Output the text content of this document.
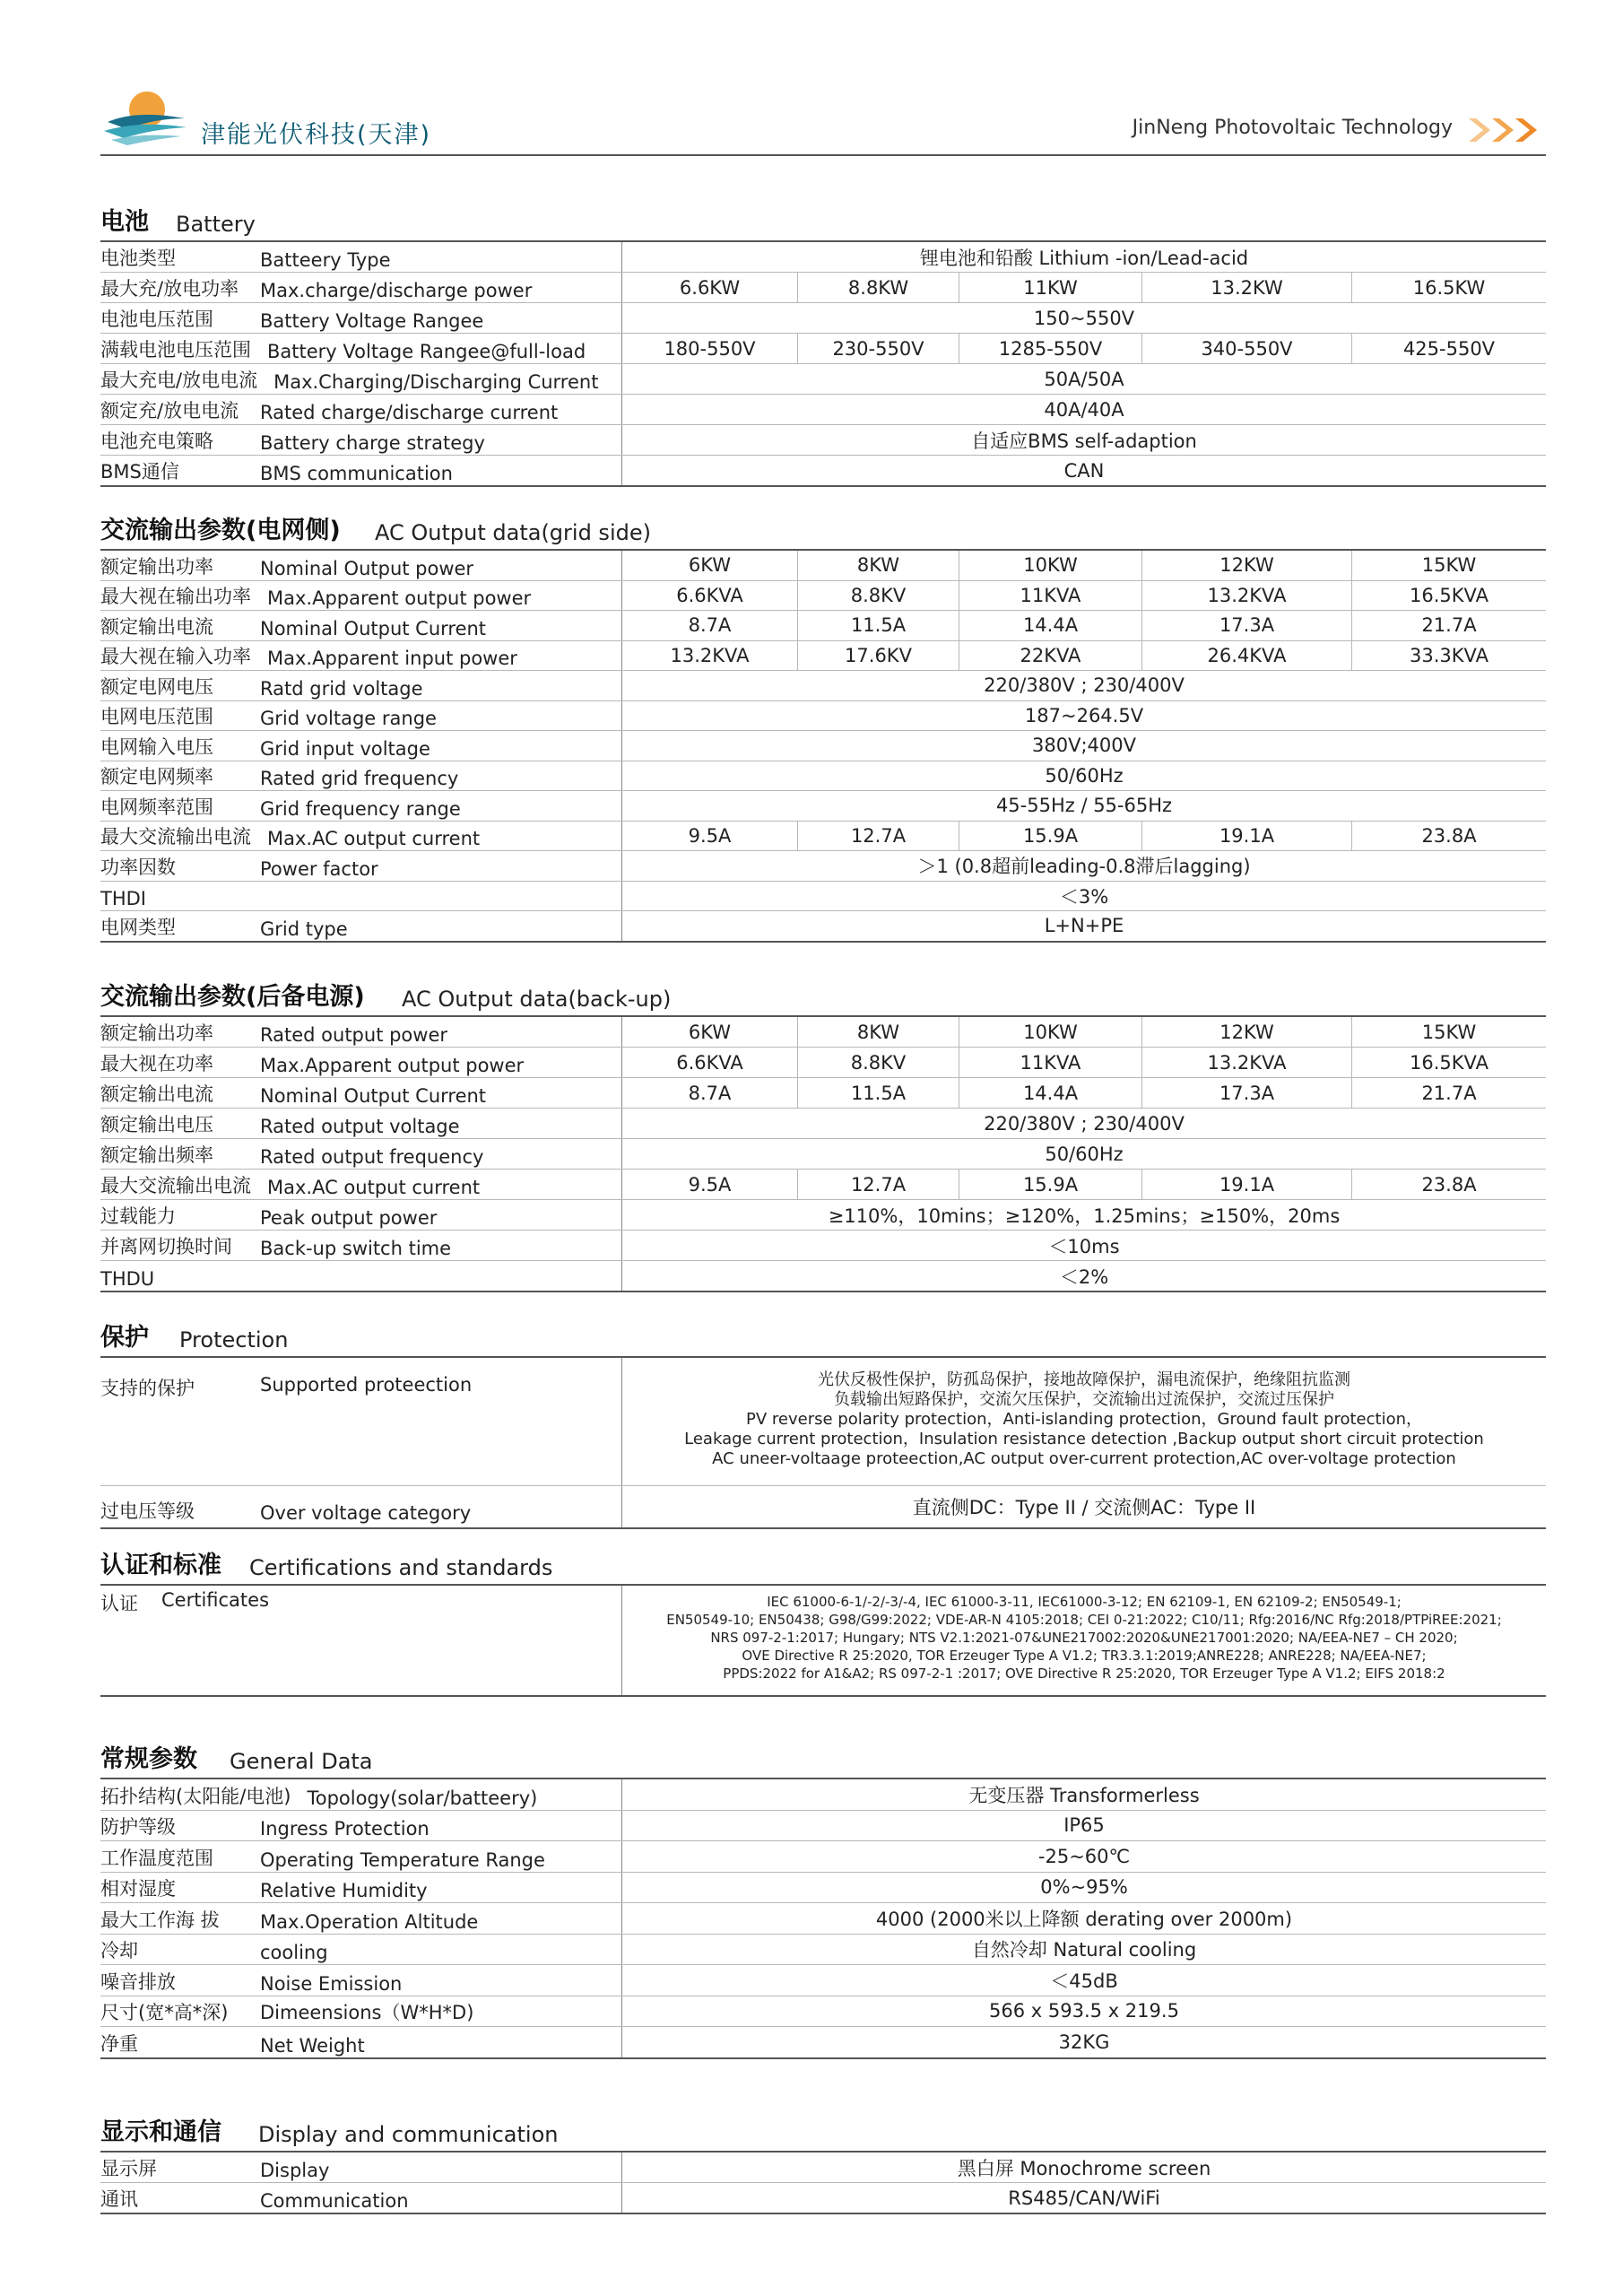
津能光伏科技(天津)	JinNeng Photovoltaic Technology
电池 Battery
电池类型	Batteery Type	锂电池和铅酸 Lithium -ion/Lead-acid
最大充/放电功率 Max.charge/discharge power	6.6KW	8.8KW	11KW	13.2KW	16.5KW
电池电压范围	Battery Voltage Rangee	150~550V
满载电池电压范围 Battery Voltage Rangee@full-load	180-550V	230-550V	1285-550V	340-550V	425-550V
最大充电/放电电流 Max.Charging/Discharging Current	50A/50A
额定充/放电电流 Rated charge/discharge current	40A/40A
电池充电策略	Battery charge strategy	自适应BMS self-adaption
BMS通信	BMS communication	CAN
交流输出参数(电网侧) AC Output data(grid side)
额定输出功率	Nominal Output power	6KW	8KW	10KW	12KW	15KW
最大视在输出功率 Max.Apparent output power	6.6KVA	8.8KV	11KVA	13.2KVA	16.5KVA
额定输出电流	Nominal Output Current	8.7A	11.5A	14.4A	17.3A	21.7A
最大视在输入功率 Max.Apparent input power	13.2KVA	17.6KV	22KVA	26.4KVA	33.3KVA
额定电网电压	Ratd grid voltage	220/380V ; 230/400V
电网电压范围	Grid voltage range	187~264.5V
电网输入电压	Grid input voltage	380V;400V
额定电网频率	Rated grid frequency	50/60Hz
电网频率范围	Grid frequency range	45-55Hz / 55-65Hz
最大交流输出电流 Max.AC output current	9.5A	12.7A	15.9A	19.1A	23.8A
功率因数	Power factor	＞1 (0.8超前leading-0.8滞后lagging)
THDI	＜3%
电网类型	Grid type	L+N+PE
交流输出参数(后备电源) AC Output data(back-up)
额定输出功率	Rated output power	6KW	8KW	10KW	12KW	15KW
最大视在功率	Max.Apparent output power	6.6KVA	8.8KV	11KVA	13.2KVA	16.5KVA
额定输出电流	Nominal Output Current	8.7A	11.5A	14.4A	17.3A	21.7A
额定输出电压	Rated output voltage	220/380V ; 230/400V
额定输出频率	Rated output frequency	50/60Hz
最大交流输出电流 Max.AC output current	9.5A	12.7A	15.9A	19.1A	23.8A
过载能力	Peak output power	≥110%，10mins；≥120%，1.25mins；≥150%，20ms
并离网切换时间	Back-up switch time	＜10ms
THDU	＜2%
保护 Protection
支持的保护	Supported proteection	光伏反极性保护，防孤岛保护，接地故障保护，漏电流保护，绝缘阻抗监测
负载输出短路保护，交流欠压保护，交流输出过流保护，交流过压保护
PV reverse polarity protection，Anti-islanding protection，Ground fault protection，
Leakage current protection，Insulation resistance detection ,Backup output short circuit protection
AC uneer-voltaage proteection,AC output over-current protection,AC over-voltage protection
过电压等级	Over voltage category	直流侧DC：Type II / 交流侧AC：Type II
认证和标准 Certifications and standards
认证	Certificates	IEC 61000-6-1/-2/-3/-4, IEC 61000-3-11, IEC61000-3-12; EN 62109-1, EN 62109-2; EN50549-1;
EN50549-10; EN50438; G98/G99:2022; VDE-AR-N 4105:2018; CEI 0-21:2022; C10/11; Rfg:2016/NC Rfg:2018/PTPiREE:2021;
NRS 097-2-1:2017; Hungary; NTS V2.1:2021-07&UNE217002:2020&UNE217001:2020; NA/EEA-NE7 – CH 2020;
OVE Directive R 25:2020, TOR Erzeuger Type A V1.2; TR3.3.1:2019;ANRE228; ANRE228; NA/EEA-NE7;
PPDS:2022 for A1&A2; RS 097-2-1 :2017; OVE Directive R 25:2020, TOR Erzeuger Type A V1.2; EIFS 2018:2
常规参数 General Data
拓扑结构(太阳能/电池) Topology(solar/batteery)	无变压器 Transformerless
防护等级	Ingress Protection	IP65
工作温度范围	Operating Temperature Range	-25~60℃
相对湿度	Relative Humidity	0%~95%
最大工作海 拔	Max.Operation Altitude	4000 (2000米以上降额 derating over 2000m)
冷却	cooling	自然冷却 Natural cooling
噪音排放	Noise Emission	＜45dB
尺寸(宽*高*深)	Dimeensions（W*H*D)	566 x 593.5 x 219.5
净重	Net Weight	32KG
显示和通信 Display and communication
显示屏	Display	黑白屏 Monochrome screen
通讯	Communication	RS485/CAN/WiFi
